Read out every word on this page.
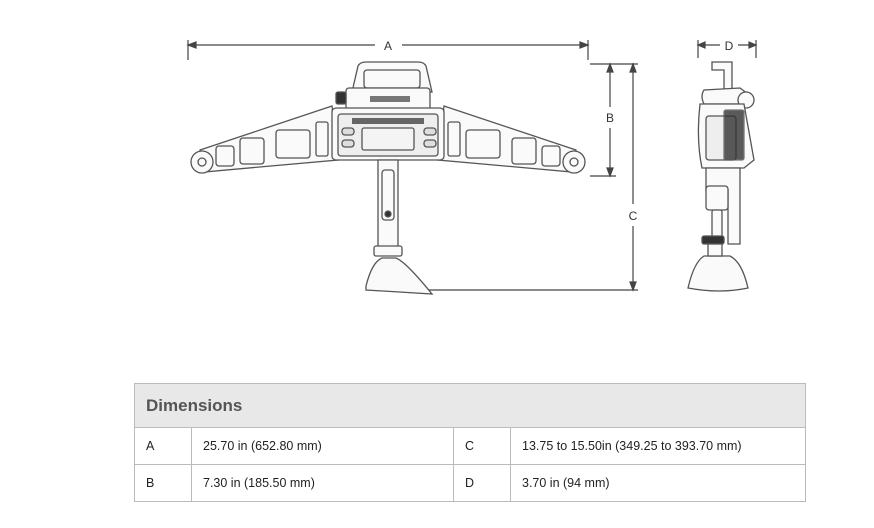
A
B
C
D
Dimensions			
A	25.70 in (652.80 mm)	C	13.75 to 15.50in (349.25 to 393.70 mm)
B	7.30 in (185.50 mm)	D	3.70 in (94 mm)
